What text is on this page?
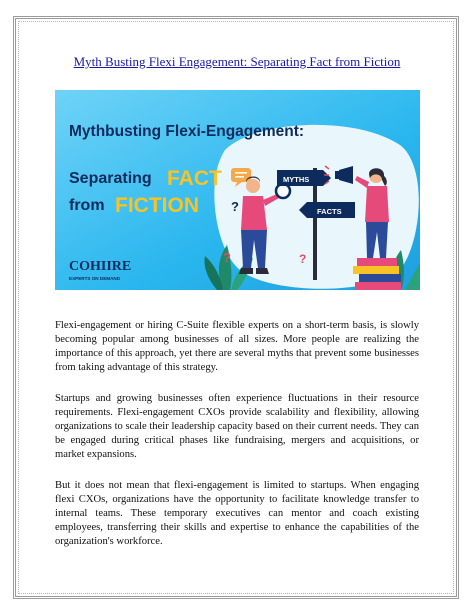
Myth Busting Flexi Engagement: Separating Fact from Fiction
Mythbusting Flexi-Engagement:
Separating FACT
from FICTION ?
?	?
MYTHS
FACTS
COHIIRE
EXPERTS ON DEMAND

Flexi-engagement or hiring C-Suite flexible experts on a short-term basis, is slowly becoming popular among businesses of all sizes. More people are realizing the importance of this approach, yet there are several myths that prevent some businesses from taking advantage of this strategy.

Startups and growing businesses often experience fluctuations in their resource requirements. Flexi-engagement CXOs provide scalability and flexibility, allowing organizations to scale their leadership capacity based on their current needs. They can be engaged during critical phases like fundraising, mergers and acquisitions, or market expansions.

But it does not mean that flexi-engagement is limited to startups. When engaging flexi CXOs, organizations have the opportunity to facilitate knowledge transfer to internal teams. These temporary executives can mentor and coach existing employees, transferring their skills and expertise to enhance the capabilities of the organization's workforce.
